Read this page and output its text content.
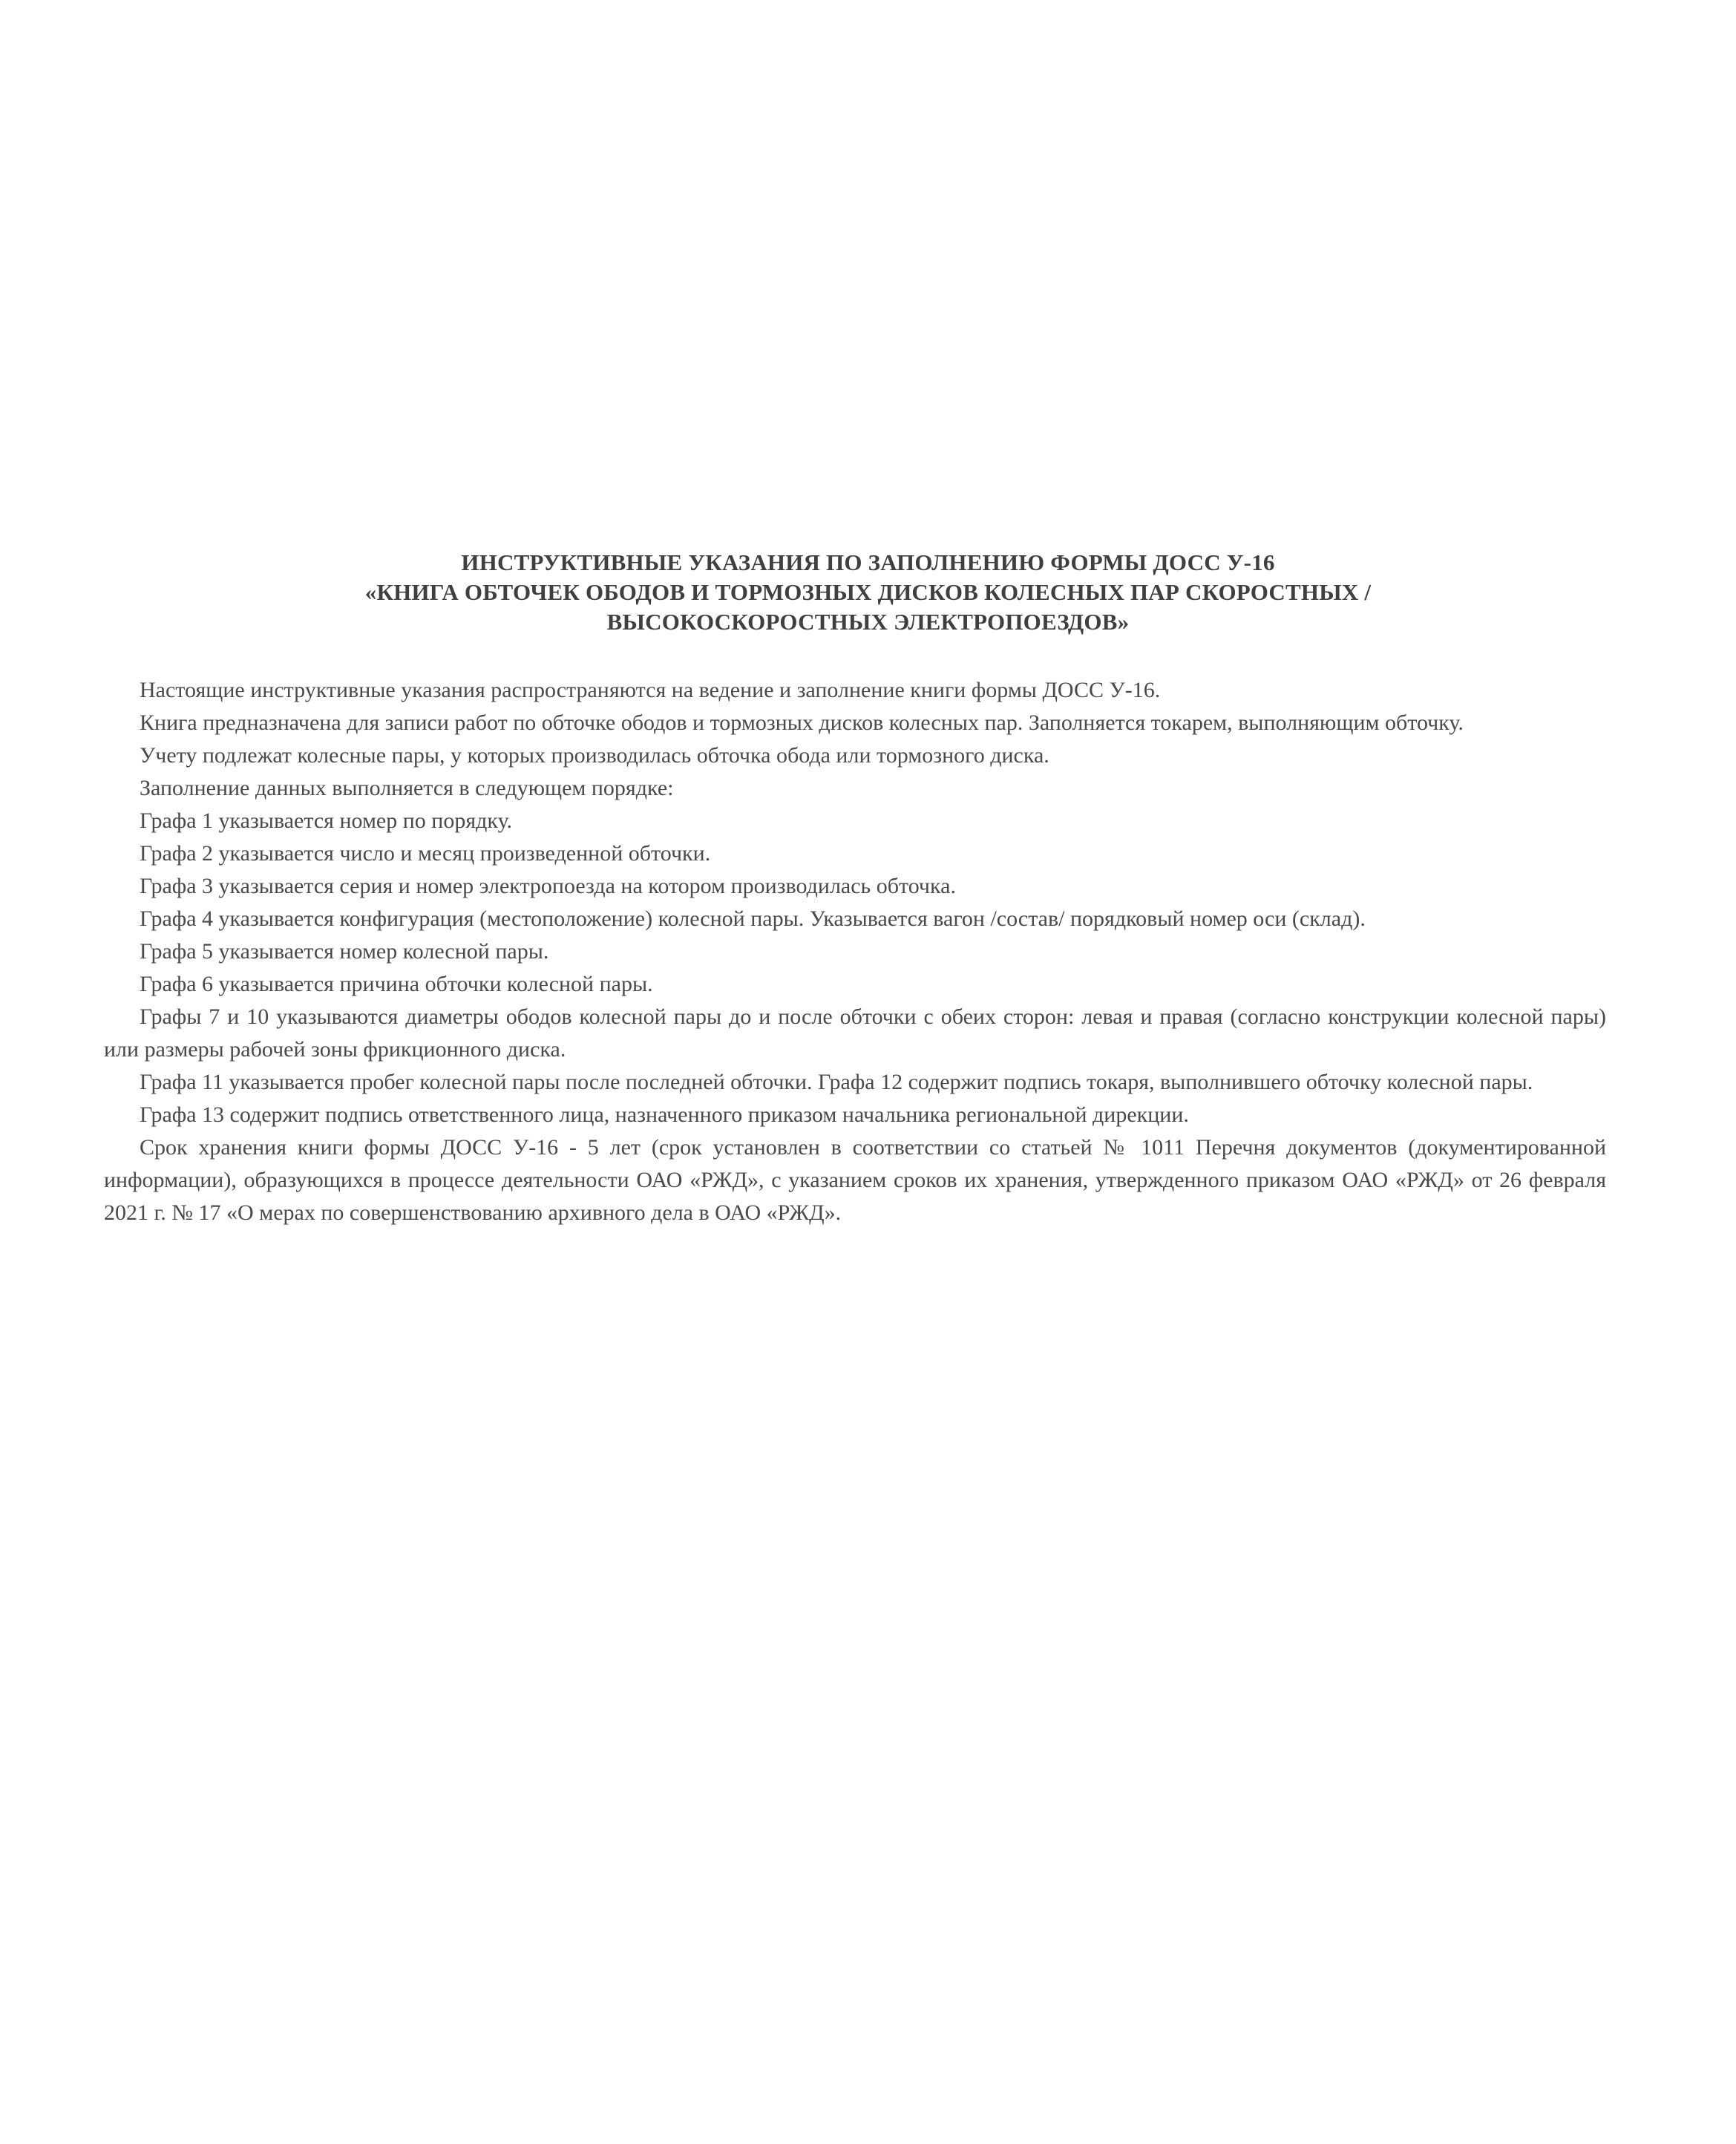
ИНСТРУКТИВНЫЕ УКАЗАНИЯ ПО ЗАПОЛНЕНИЮ ФОРМЫ ДОСС У-16
«КНИГА ОБТОЧЕК ОБОДОВ И ТОРМОЗНЫХ ДИСКОВ КОЛЕСНЫХ ПАР СКОРОСТНЫХ /
ВЫСОКОСКОРОСТНЫХ ЭЛЕКТРОПОЕЗДОВ»

Настоящие инструктивные указания распространяются на ведение и заполнение книги формы ДОСС У-16.

Книга предназначена для записи работ по обточке ободов и тормозных дисков колесных пар. Заполняется токарем, выполняющим обточку.

Учету подлежат колесные пары, у которых производилась обточка обода или тормозного диска.

Заполнение данных выполняется в следующем порядке:

Графа 1 указывается номер по порядку.

Графа 2 указывается число и месяц произведенной обточки.

Графа 3 указывается серия и номер электропоезда на котором производилась обточка.

Графа 4 указывается конфигурация (местоположение) колесной пары. Указывается вагон /состав/ порядковый номер оси (склад).

Графа 5 указывается номер колесной пары.

Графа 6 указывается причина обточки колесной пары.

Графы 7 и 10 указываются диаметры ободов колесной пары до и после обточки с обеих сторон: левая и правая (согласно конструкции колесной пары) или размеры рабочей зоны фрикционного диска.

Графа 11 указывается пробег колесной пары после последней обточки. Графа 12 содержит подпись токаря, выполнившего обточку колесной пары.

Графа 13 содержит подпись ответственного лица, назначенного приказом начальника региональной дирекции.

Срок хранения книги формы ДОСС У-16 - 5 лет (срок установлен в соответствии со статьей № 1011 Перечня документов (документированной информации), образующихся в процессе деятельности ОАО «РЖД», с указанием сроков их хранения, утвержденного приказом ОАО «РЖД» от 26 февраля 2021 г. № 17 «О мерах по совершенствованию архивного дела в ОАО «РЖД».
